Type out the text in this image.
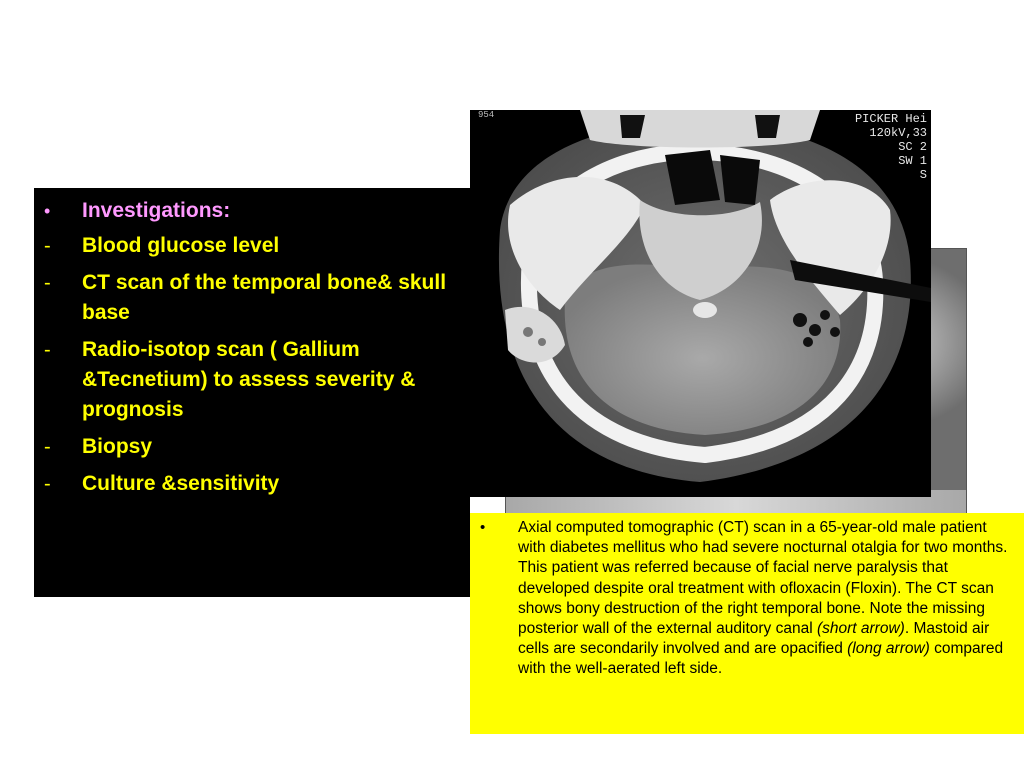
•	Investigations:
-	Blood glucose level
-	CT scan of the temporal bone& skull base
-	Radio-isotop scan ( Gallium &Tecnetium) to assess severity & prognosis
-	Biopsy
-	Culture &sensitivity
954	PICKER Hei
120kV,33
SC 2
SW 1
S
• Axial computed tomographic (CT) scan in a 65-year-old male patient with diabetes mellitus who had severe nocturnal otalgia for two months. This patient was referred because of facial nerve paralysis that developed despite oral treatment with ofloxacin (Floxin). The CT scan shows bony destruction of the right temporal bone. Note the missing posterior wall of the external auditory canal (short arrow). Mastoid air cells are secondarily involved and are opacified (long arrow) compared with the well-aerated left side.
